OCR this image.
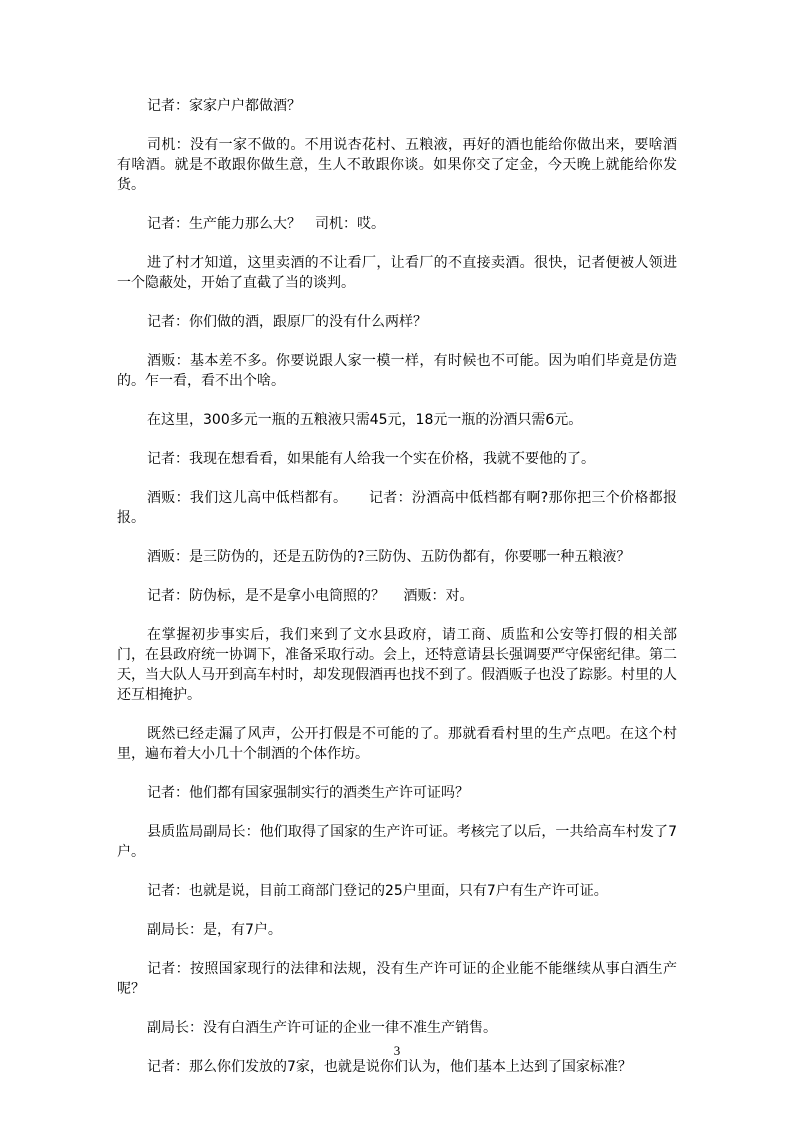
记者：家家户户都做酒？

司机：没有一家不做的。不用说杏花村、五粮液，再好的酒也能给你做出来，要啥酒有啥酒。就是不敢跟你做生意，生人不敢跟你谈。如果你交了定金，今天晚上就能给你发货。

记者：生产能力那么大？　司机：哎。

进了村才知道，这里卖酒的不让看厂，让看厂的不直接卖酒。很快，记者便被人领进一个隐蔽处，开始了直截了当的谈判。

记者：你们做的酒，跟原厂的没有什么两样？

酒贩：基本差不多。你要说跟人家一模一样，有时候也不可能。因为咱们毕竟是仿造的。乍一看，看不出个啥。

在这里，300多元一瓶的五粮液只需45元，18元一瓶的汾酒只需6元。

记者：我现在想看看，如果能有人给我一个实在价格，我就不要他的了。

酒贩：我们这儿高中低档都有。　　记者：汾酒高中低档都有啊?那你把三个价格都报报。

酒贩：是三防伪的，还是五防伪的?三防伪、五防伪都有，你要哪一种五粮液？

记者：防伪标，是不是拿小电筒照的？　 酒贩：对。

在掌握初步事实后，我们来到了文水县政府，请工商、质监和公安等打假的相关部门，在县政府统一协调下，准备采取行动。会上，还特意请县长强调要严守保密纪律。第二天，当大队人马开到高车村时，却发现假酒再也找不到了。假酒贩子也没了踪影。村里的人还互相掩护。

既然已经走漏了风声，公开打假是不可能的了。那就看看村里的生产点吧。在这个村里，遍布着大小几十个制酒的个体作坊。

记者：他们都有国家强制实行的酒类生产许可证吗？

县质监局副局长：他们取得了国家的生产许可证。考核完了以后，一共给高车村发了7户。

记者：也就是说，目前工商部门登记的25户里面，只有7户有生产许可证。

副局长：是，有7户。

记者：按照国家现行的法律和法规，没有生产许可证的企业能不能继续从事白酒生产呢？

副局长：没有白酒生产许可证的企业一律不准生产销售。

记者：那么你们发放的7家，也就是说你们认为，他们基本上达到了国家标准？

3
